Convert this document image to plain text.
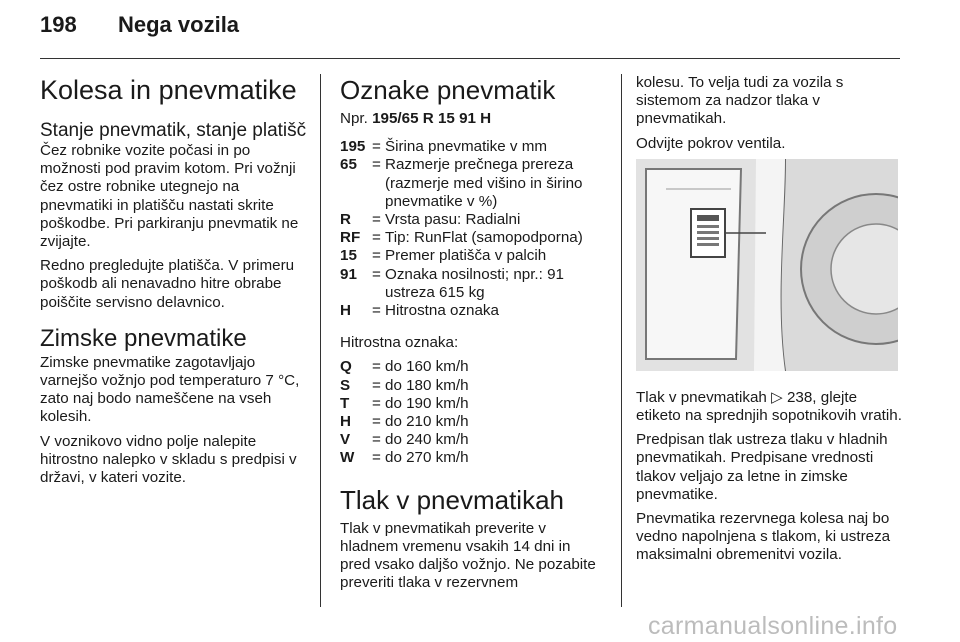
198 Nega vozila
Kolesa in pnevmatike
Stanje pnevmatik, stanje platišč

Čez robnike vozite počasi in po možnosti pod pravim kotom. Pri vožnji čez ostre robnike utegnejo na pnevmatiki in platišču nastati skrite poškodbe. Pri parkiranju pnevmatik ne zvijajte.

Redno pregledujte platišča. V primeru poškodb ali nenavadno hitre obrabe poiščite servisno delavnico.

Zimske pnevmatike

Zimske pnevmatike zagotavljajo varnejšo vožnjo pod temperaturo 7 °C, zato naj bodo nameščene na vseh kolesih.

V voznikovo vidno polje nalepite hitrostno nalepko v skladu s predpisi v državi, v kateri vozite.

Oznake pnevmatik

Npr. 195/65 R 15 91 H

195 = Širina pnevmatike v mm
65 = Razmerje prečnega prereza (razmerje med višino in širino pnevmatike v %)
R	= Vrsta pasu: Radialni
RF = Tip: RunFlat (samopodporna)
15 = Premer platišča v palcih
91 = Oznaka nosilnosti; npr.: 91 ustreza 615 kg
H	= Hitrostna oznaka

Hitrostna oznaka:

Q	= do 160 km/h
S	= do 180 km/h
T	= do 190 km/h
H	= do 210 km/h
V	= do 240 km/h
W	= do 270 km/h
Tlak v pnevmatikah

Tlak v pnevmatikah preverite v hladnem vremenu vsakih 14 dni in pred vsako daljšo vožnjo. Ne pozabite preveriti tlaka v rezervnem

kolesu. To velja tudi za vozila s sistemom za nadzor tlaka v pnevmatikah.

Odvijte pokrov ventila.

Tlak v pnevmatikah ▷ 238, glejte etiketo na sprednjih sopotnikovih vratih.

Predpisan tlak ustreza tlaku v hladnih pnevmatikah. Predpisane vrednosti tlakov veljajo za letne in zimske pnevmatike.

Pnevmatika rezervnega kolesa naj bo vedno napolnjena s tlakom, ki ustreza maksimalni obremenitvi vozila.

carmanualsonline.info
